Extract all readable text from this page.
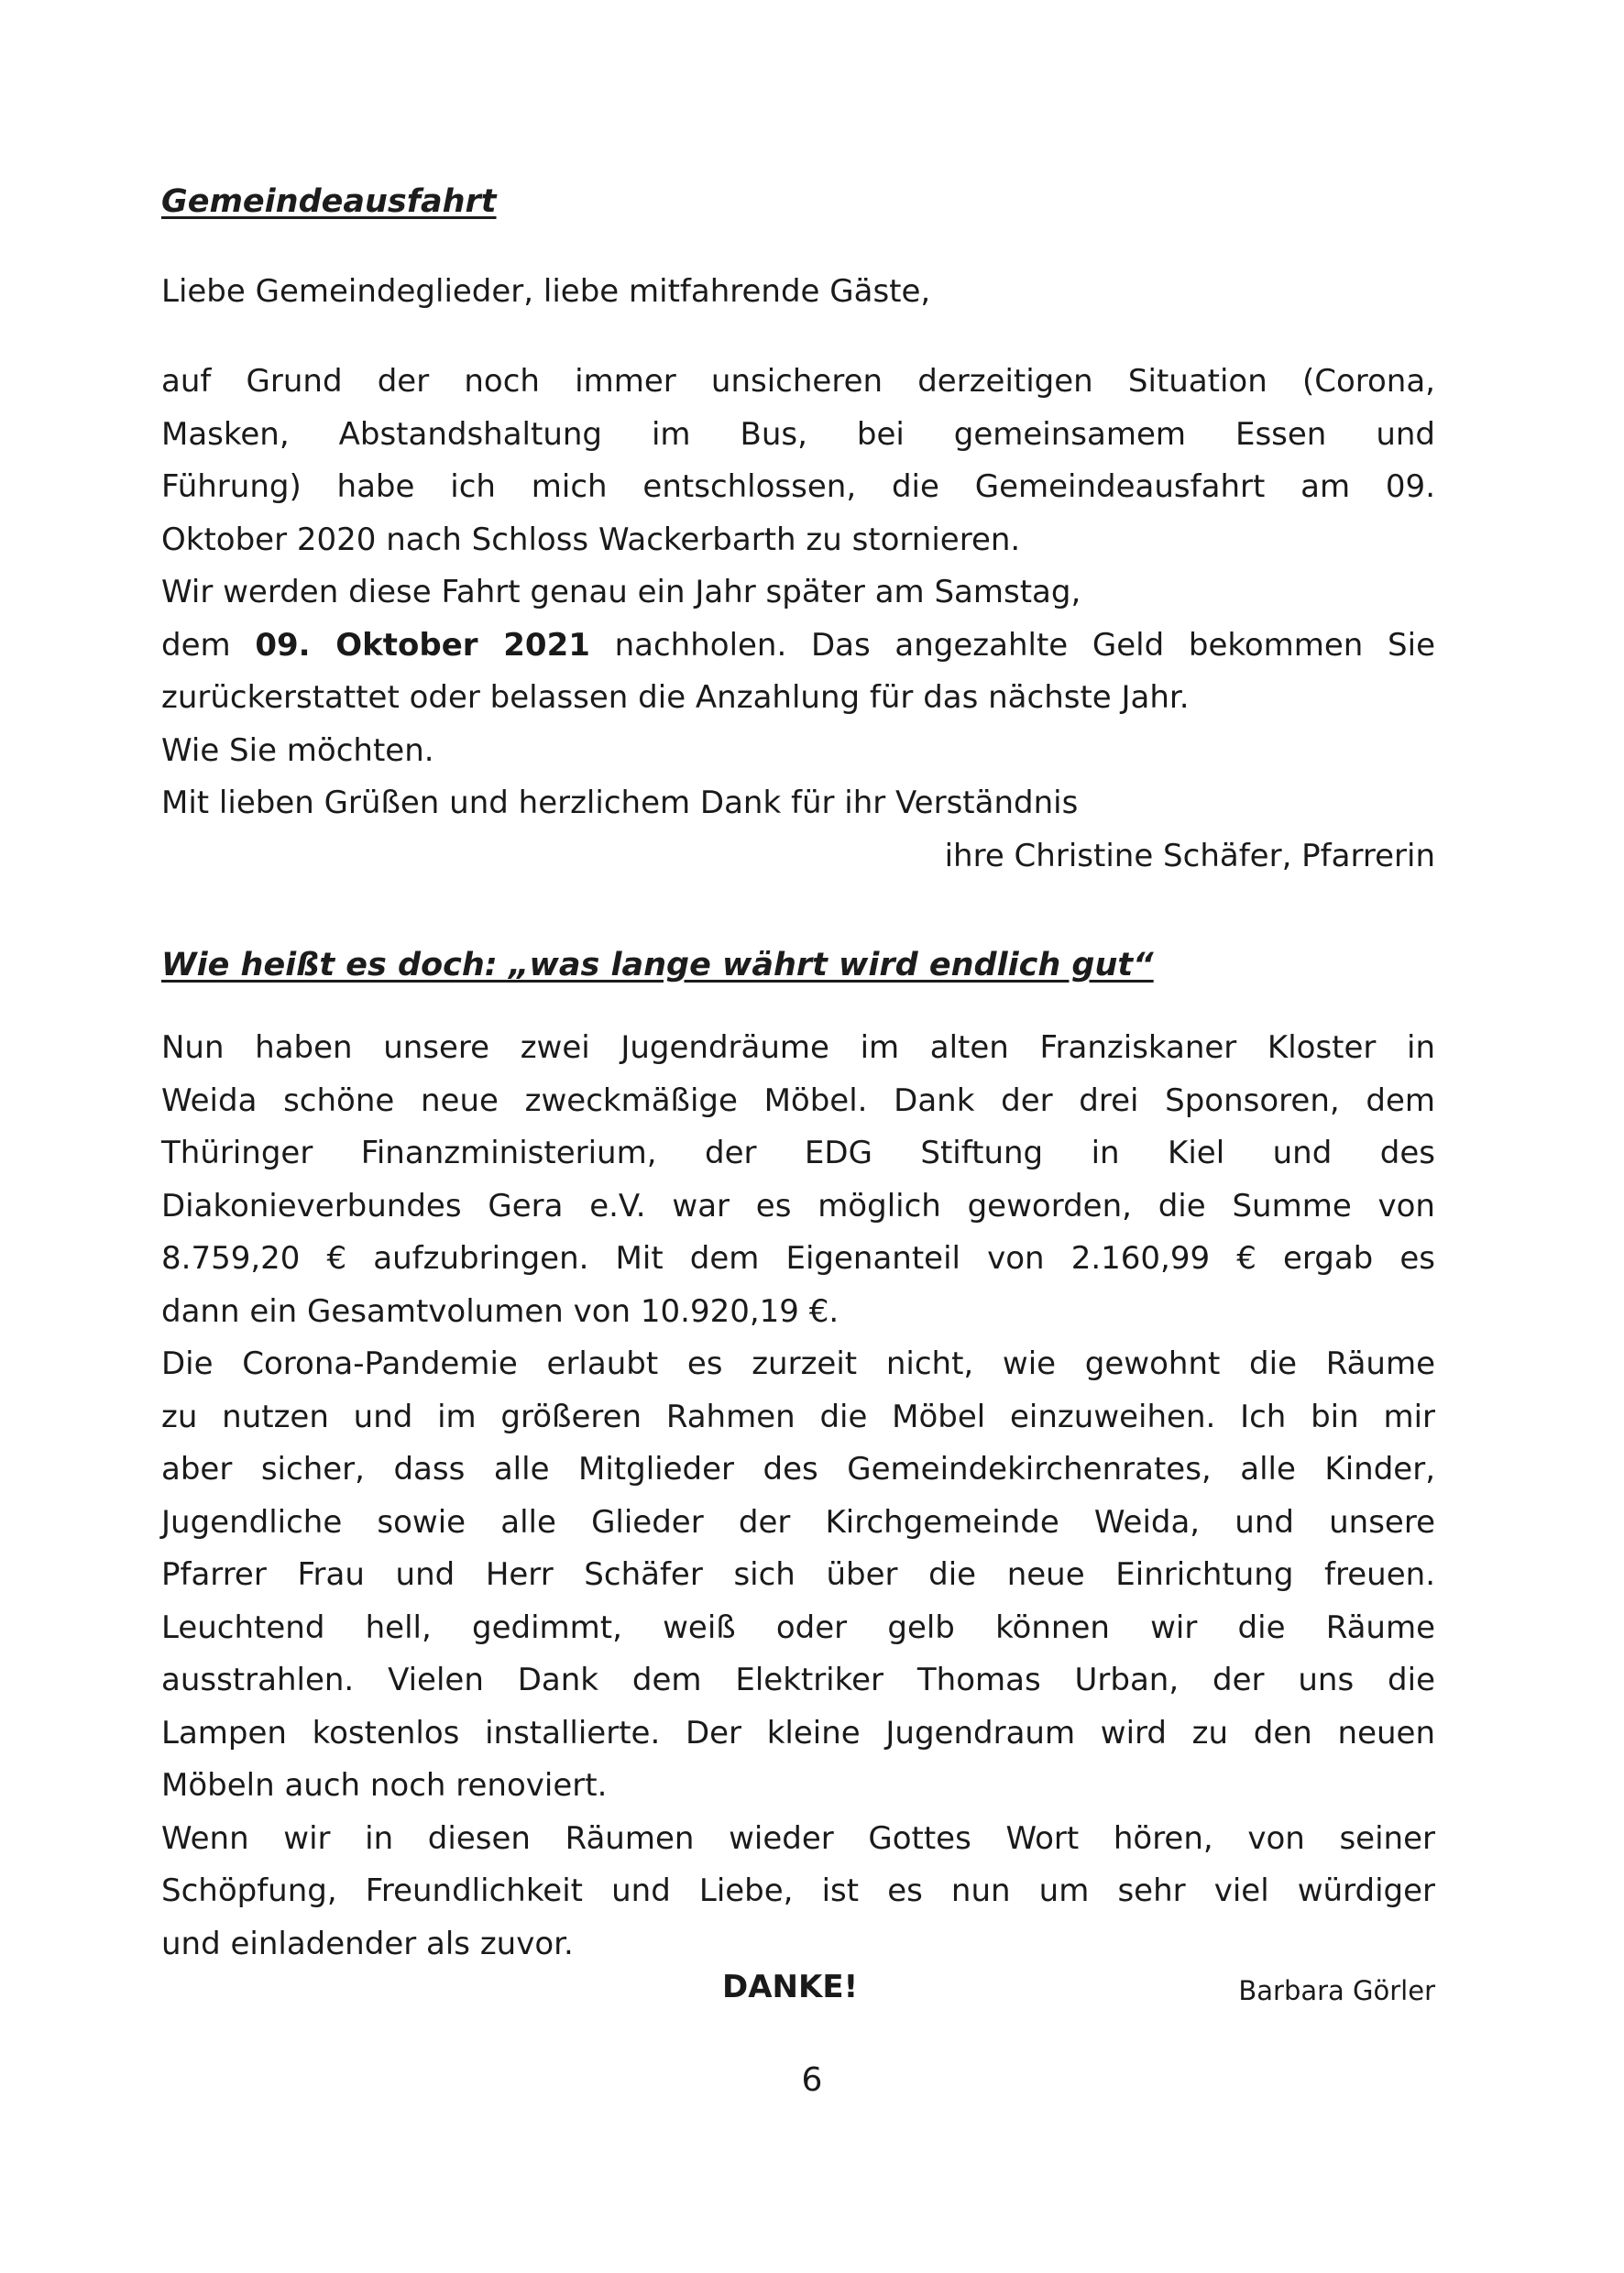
Gemeindeausfahrt
Liebe Gemeindeglieder, liebe mitfahrende Gäste,
auf Grund der noch immer unsicheren derzeitigen Situation (Corona,
Masken, Abstandshaltung im Bus, bei gemeinsamem Essen und
Führung) habe ich mich entschlossen, die Gemeindeausfahrt am 09.
Oktober 2020 nach Schloss Wackerbarth zu stornieren.
Wir werden diese Fahrt genau ein Jahr später am Samstag,
dem 09. Oktober 2021 nachholen. Das angezahlte Geld bekommen Sie
zurückerstattet oder belassen die Anzahlung für das nächste Jahr.
Wie Sie möchten.
Mit lieben Grüßen und herzlichem Dank für ihr Verständnis
ihre Christine Schäfer, Pfarrerin
Wie heißt es doch: „was lange währt wird endlich gut“
Nun haben unsere zwei Jugendräume im alten Franziskaner Kloster in
Weida schöne neue zweckmäßige Möbel. Dank der drei Sponsoren, dem
Thüringer Finanzministerium, der EDG Stiftung in Kiel und des
Diakonieverbundes Gera e.V. war es möglich geworden, die Summe von
8.759,20 € aufzubringen. Mit dem Eigenanteil von 2.160,99 € ergab es
dann ein Gesamtvolumen von 10.920,19 €.
Die Corona-Pandemie erlaubt es zurzeit nicht, wie gewohnt die Räume
zu nutzen und im größeren Rahmen die Möbel einzuweihen. Ich bin mir
aber sicher, dass alle Mitglieder des Gemeindekirchenrates, alle Kinder,
Jugendliche sowie alle Glieder der Kirchgemeinde Weida, und unsere
Pfarrer Frau und Herr Schäfer sich über die neue Einrichtung freuen.
Leuchtend hell, gedimmt, weiß oder gelb können wir die Räume
ausstrahlen. Vielen Dank dem Elektriker Thomas Urban, der uns die
Lampen kostenlos installierte. Der kleine Jugendraum wird zu den neuen
Möbeln auch noch renoviert.
Wenn wir in diesen Räumen wieder Gottes Wort hören, von seiner
Schöpfung, Freundlichkeit und Liebe, ist es nun um sehr viel würdiger
und einladender als zuvor.
DANKE!	Barbara Görler
6
